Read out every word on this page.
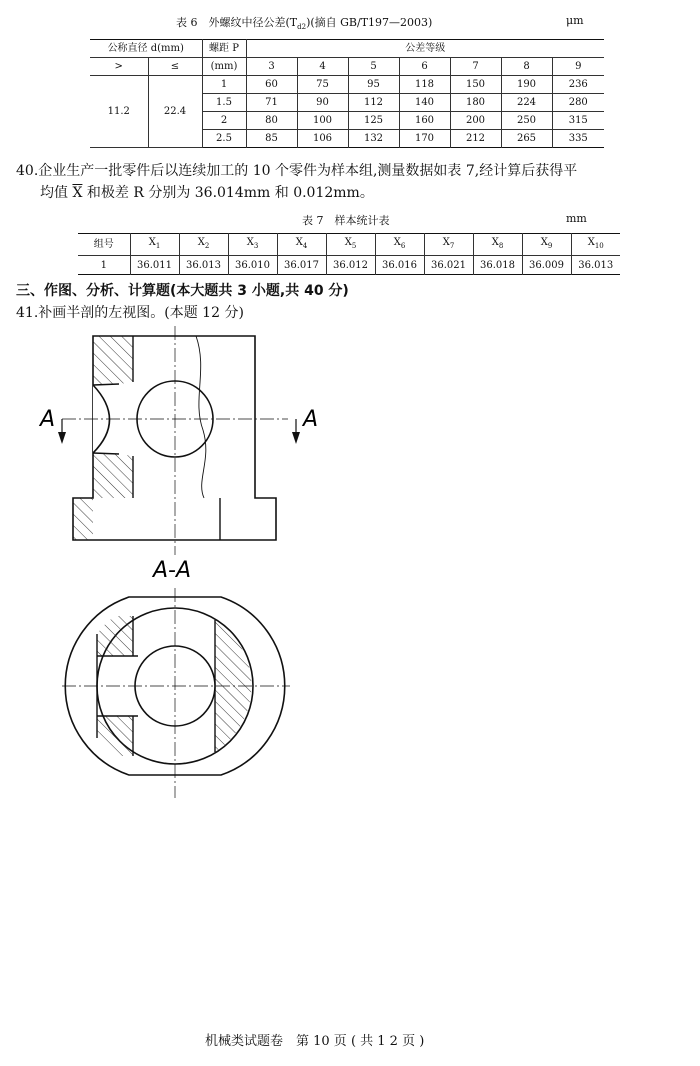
表 6　外螺纹中径公差$(T_{d2})$(摘自 GB/T197—2003)	μm
公称直径 d(mm)		螺距 P	公差等级						
>	≤	(mm)	3	4	5	6	7	8	9
11.2	22.4	1	60	75	95	118	150	190	236
		1.5	71	90	112	140	180	224	280
		2	80	100	125	160	200	250	315
		2.5	85	106	132	170	212	265	335
40.企业生产一批零件后以连续加工的 10 个零件为样本组,测量数据如表 7,经计算后获得平
均值 $\overline{X}$ 和极差 R 分别为 36.014mm 和 0.012mm。
表 7　样本统计表	mm
组号	$X_1$	$X_2$	$X_3$	$X_4$	$X_5$	$X_6$	$X_7$	$X_8$	$X_9$	$X_{10}$
1	36.011	36.013	36.010	36.017	36.012	36.016	36.021	36.018	36.009	36.013
三、作图、分析、计算题(本大题共 3 小题,共 40 分)
41.补画半剖的左视图。(本题 12 分)
A	A
A-A
机械类试题卷　第 10 页 ( 共 1 2 页 )
